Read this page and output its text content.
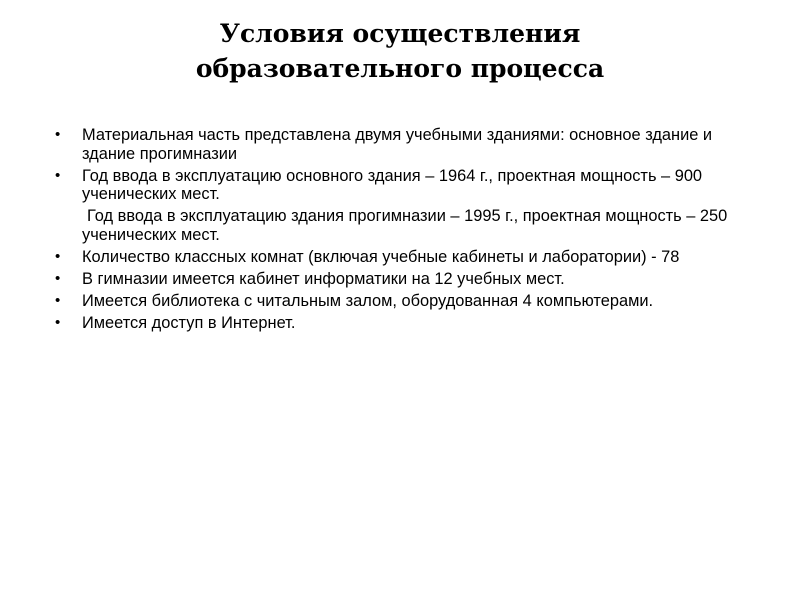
Условия осуществления
образовательного процесса
• Материальная часть представлена двумя учебными зданиями: основное здание и здание прогимназии
• Год ввода в эксплуатацию основного здания – 1964 г., проектная мощность – 900 ученических мест.
Год ввода в эксплуатацию здания прогимназии – 1995 г., проектная мощность – 250 ученических мест.
• Количество классных комнат (включая учебные кабинеты и лаборатории) - 78
• В гимназии имеется кабинет информатики на 12 учебных мест.
• Имеется библиотека с читальным залом, оборудованная 4 компьютерами.
• Имеется доступ в Интернет.
